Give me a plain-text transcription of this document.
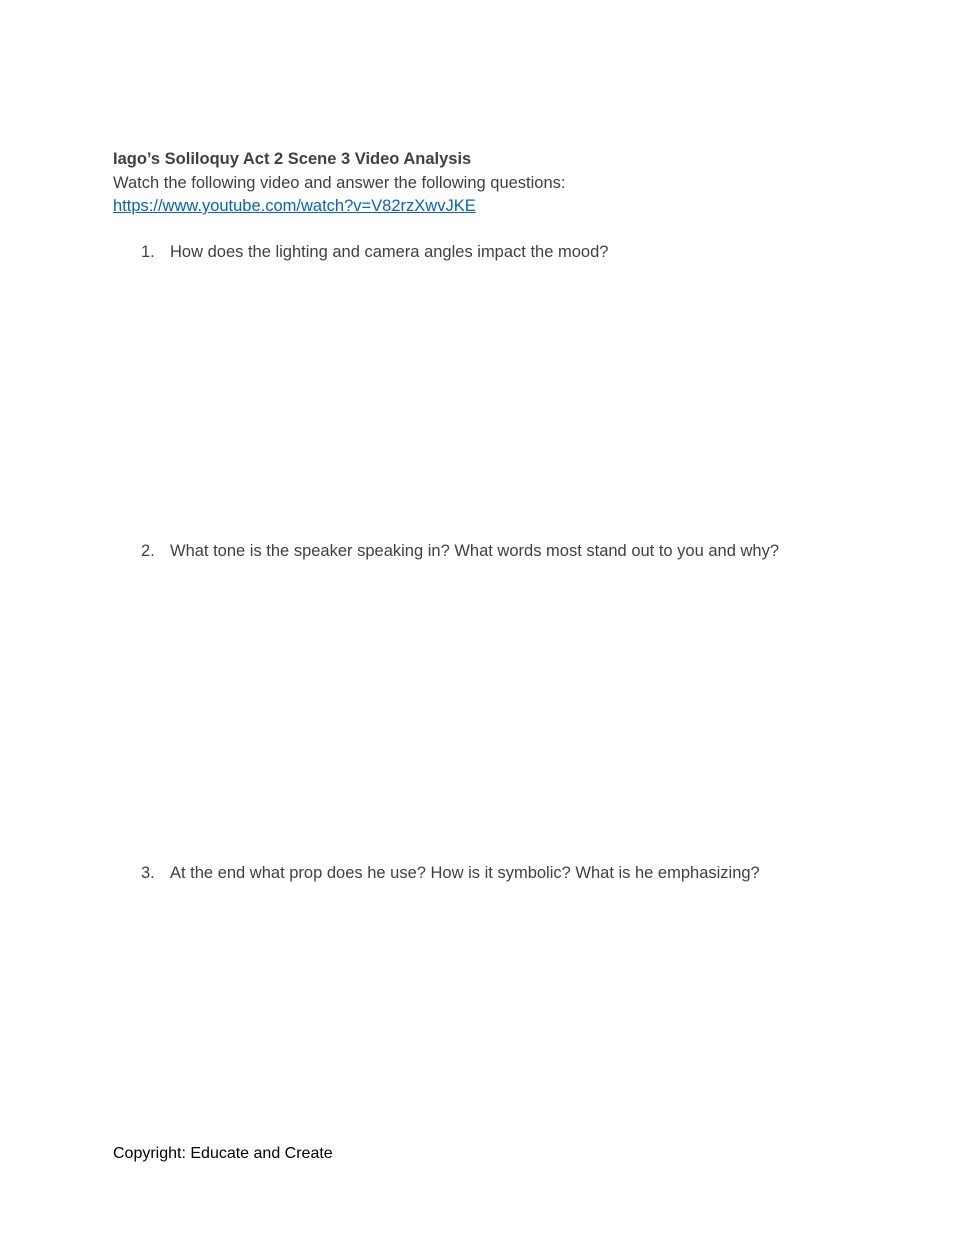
Iago’s Soliloquy Act 2 Scene 3 Video Analysis
Watch the following video and answer the following questions:
https://www.youtube.com/watch?v=V82rzXwvJKE
1. How does the lighting and camera angles impact the mood?
2. What tone is the speaker speaking in? What words most stand out to you and why?
3. At the end what prop does he use? How is it symbolic? What is he emphasizing?
Copyright: Educate and Create
